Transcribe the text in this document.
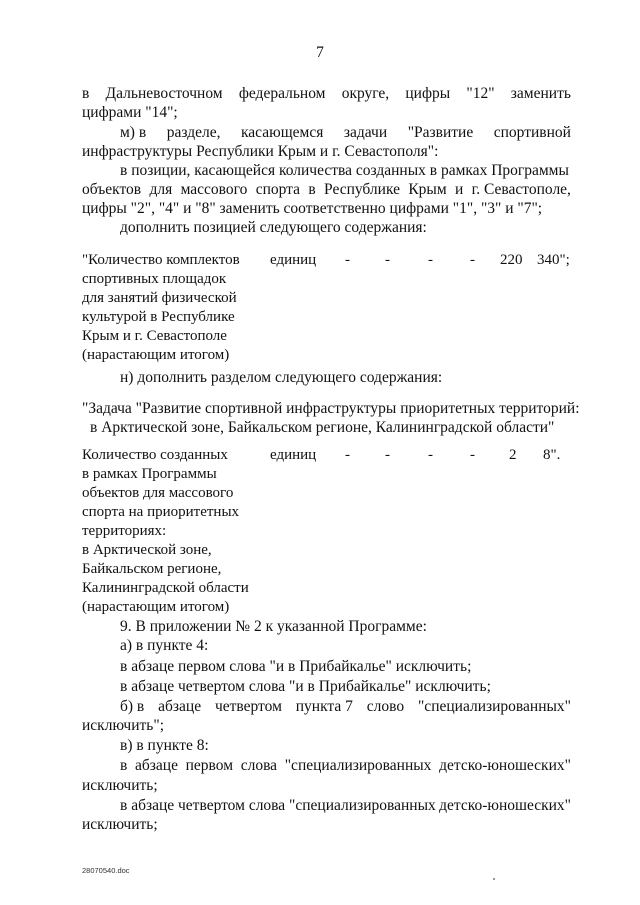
7
в Дальневосточном федеральном округе, цифры "12" заменить
цифрами "14";
м) в разделе, касающемся задачи "Развитие спортивной
инфраструктуры Республики Крым и г. Севастополя":
в позиции, касающейся количества созданных в рамках Программы
объектов для массового спорта в Республике Крым и г. Севастополе,
цифры "2", "4" и "8" заменить соответственно цифрами "1", "3" и "7";
дополнить позицией следующего содержания:
"Количество комплектов
спортивных площадок
для занятий физической
культурой в Республике
Крым и г. Севастополе
(нарастающим итогом)
единиц - -	- - 220 340";
н) дополнить разделом следующего содержания:
"Задача "Развитие спортивной инфраструктуры приоритетных территорий:
в Арктической зоне, Байкальском регионе, Калининградской области"
Количество созданных
в рамках Программы
объектов для массового
спорта на приоритетных
территориях:
в Арктической зоне,
Байкальском регионе,
Калининградской области
(нарастающим итогом)
единиц - -	- - 2 8".
9. В приложении № 2 к указанной Программе:
а) в пункте 4:
в абзаце первом слова "и в Прибайкалье" исключить;
в абзаце четвертом слова "и в Прибайкалье" исключить;
б) в абзаце четвертом пункта 7 слово "специализированных"
исключить";
в) в пункте 8:
в абзаце первом слова "специализированных детско-юношеских"
исключить;
в абзаце четвертом слова "специализированных детско-юношеских"
исключить;
28070540.doc
